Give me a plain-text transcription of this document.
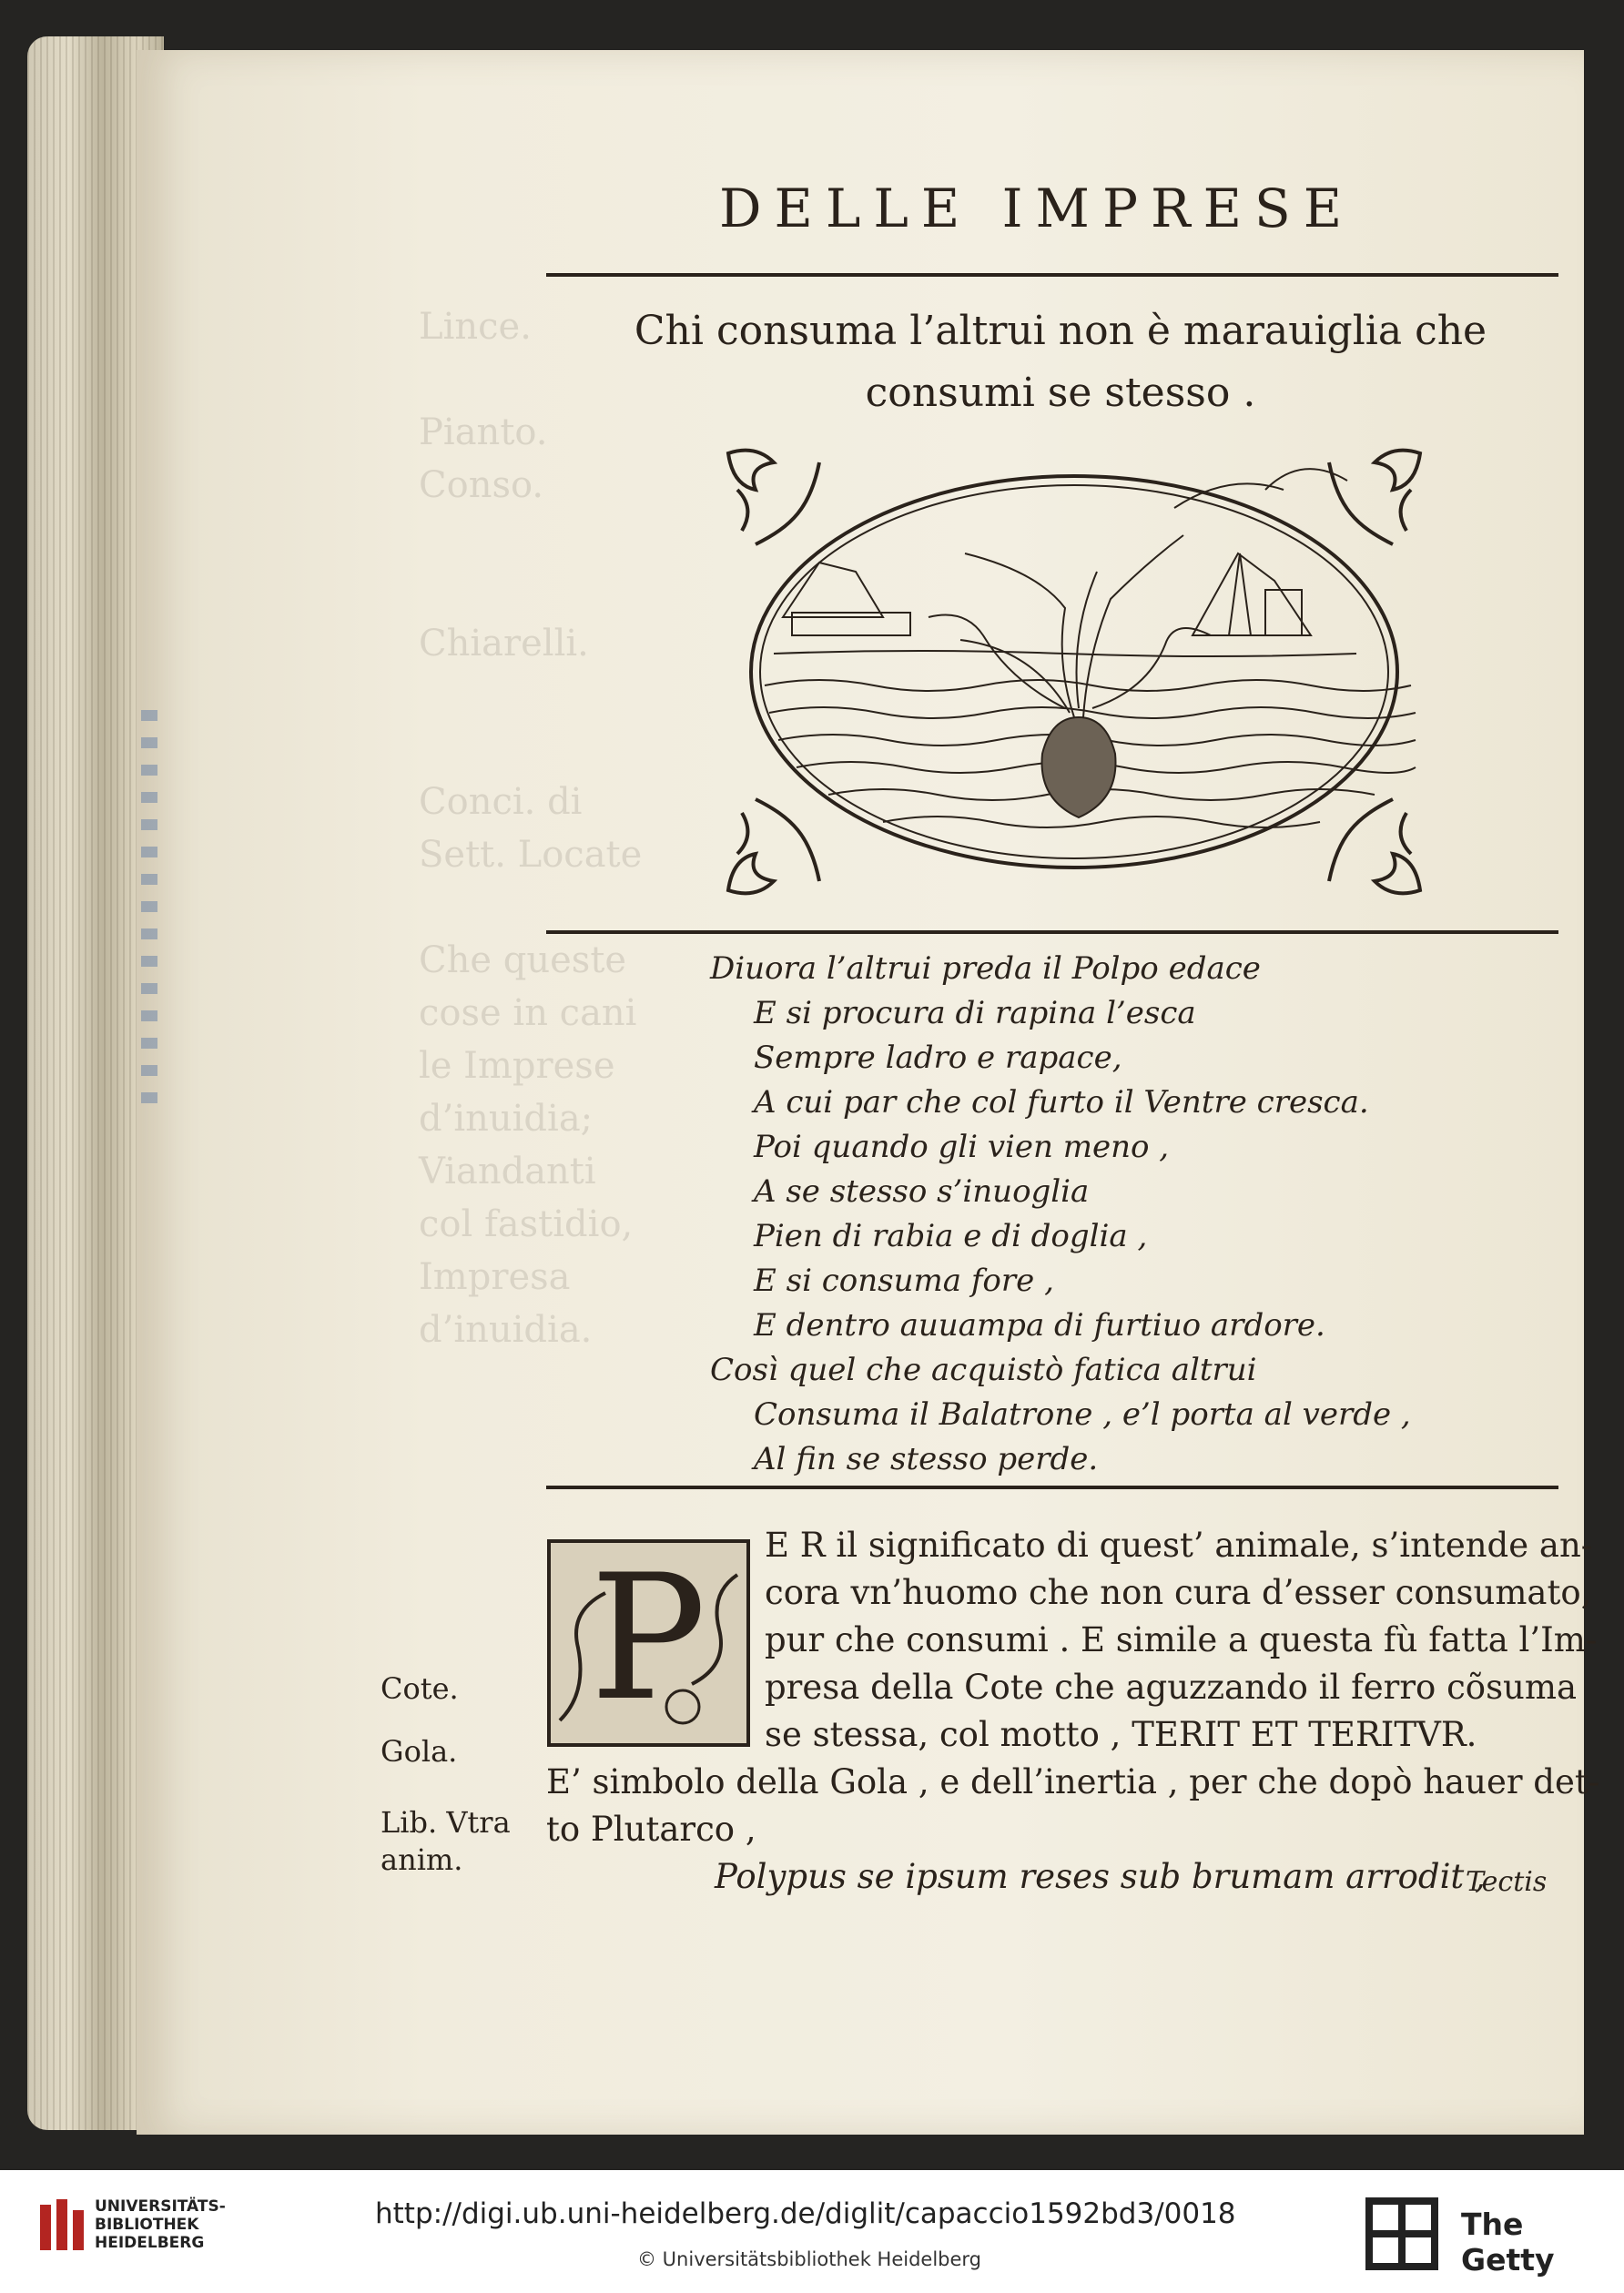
Lince.

Pianto.
Conso.

Chiarelli.

Conci. di
Sett. Locate

Che queste
cose in cani
le Imprese
d’inuidia;
Viandanti
col fastidio,
Impresa
d’inuidia.
DELLE IMPRESE
Chi consuma l’altrui non è marauiglia che
consumi se stesso .
Diuora l’altrui preda il Polpo edace
E si procura di rapina l’esca
Sempre ladro e rapace,
A cui par che col furto il Ventre cresca.
Poi quando gli vien meno ,
A se stesso s’inuoglia
Pien di rabia e di doglia ,
E si consuma fore ,
E dentro auuampa di furtiuo ardore.
Così quel che acquistò fatica altrui
Consuma il Balatrone , e’l porta al verde ,
Al fin se stesso perde.
P	E R il significato di quest’ animale, s’intende an-
cora vn’huomo che non cura d’esser consumato,
pur che consumi . E simile a questa fù fatta l’Im-
presa della Cote che aguzzando il ferro cõsuma
se stessa, col motto , TERIT ET TERITVR.
E’ simbolo della Gola , e dell’inertia , per che dopò hauer det-
to Plutarco ,
Polypus se ipsum reses sub brumam arrodit ,
Cote.
Gola.
Lib. Vtra
anim.
Tectis
UNIVERSITÄTS-
BIBLIOTHEK
HEIDELBERG
http://digi.ub.uni-heidelberg.de/diglit/capaccio1592bd3/0018
© Universitätsbibliothek Heidelberg
The Getty
